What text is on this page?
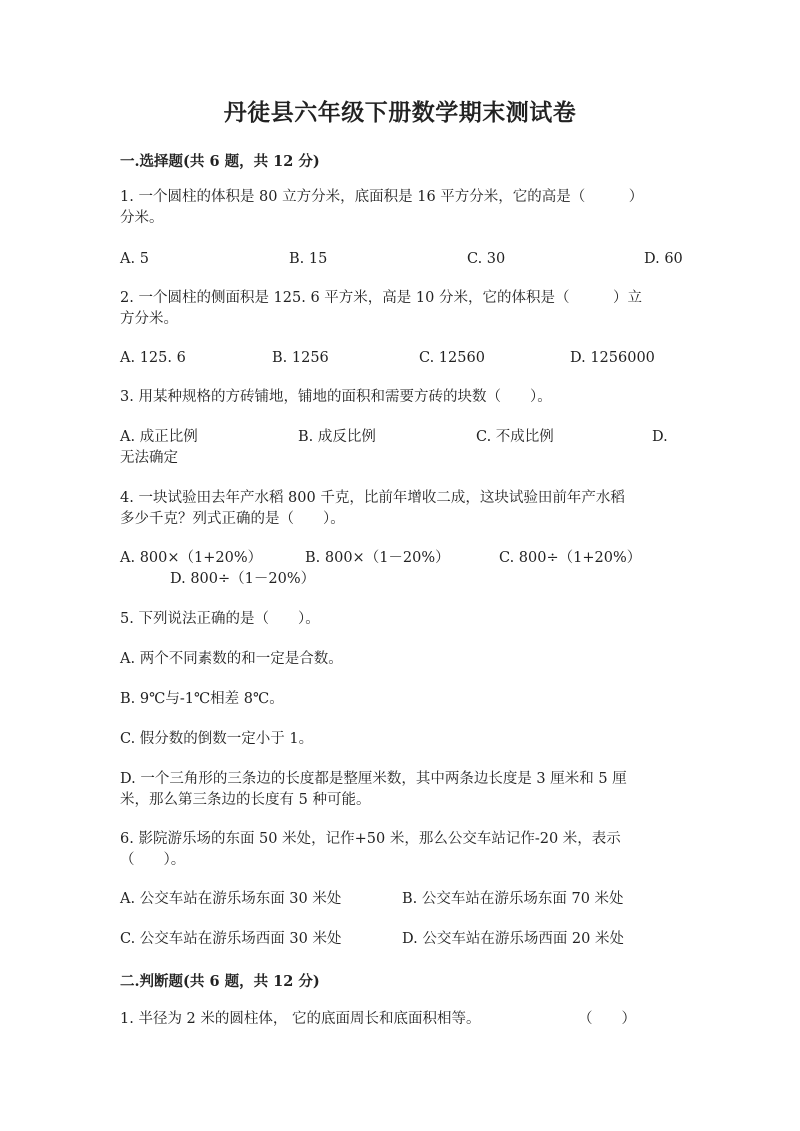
丹徒县六年级下册数学期末测试卷
一.选择题(共 6 题，共 12 分)
1. 一个圆柱的体积是 80 立方分米，底面积是 16 平方分米，它的高是（　　　）
分米。
A. 5	B. 15	C. 30	D. 60
2. 一个圆柱的侧面积是 125. 6 平方米，高是 10 分米，它的体积是（　　　）立
方分米。
A. 125. 6	B. 1256	C. 12560	D. 1256000
3. 用某种规格的方砖铺地，铺地的面积和需要方砖的块数（　　）。
A. 成正比例	B. 成反比例	C. 不成比例	D.
无法确定
4. 一块试验田去年产水稻 800 千克，比前年增收二成，这块试验田前年产水稻
多少千克？列式正确的是（　　）。
A. 800×（1+20%）	B. 800×（1－20%）	C. 800÷（1+20%）
D. 800÷（1－20%）
5. 下列说法正确的是（　　）。
A. 两个不同素数的和一定是合数。
B. 9℃与-1℃相差 8℃。
C. 假分数的倒数一定小于 1。
D. 一个三角形的三条边的长度都是整厘米数，其中两条边长度是 3 厘米和 5 厘
米，那么第三条边的长度有 5 种可能。
6. 影院游乐场的东面 50 米处，记作+50 米，那么公交车站记作-20 米，表示
（　　）。
A. 公交车站在游乐场东面 30 米处	B. 公交车站在游乐场东面 70 米处
C. 公交车站在游乐场西面 30 米处	D. 公交车站在游乐场西面 20 米处
二.判断题(共 6 题，共 12 分)
1. 半径为 2 米的圆柱体， 它的底面周长和底面积相等。	（　　）
